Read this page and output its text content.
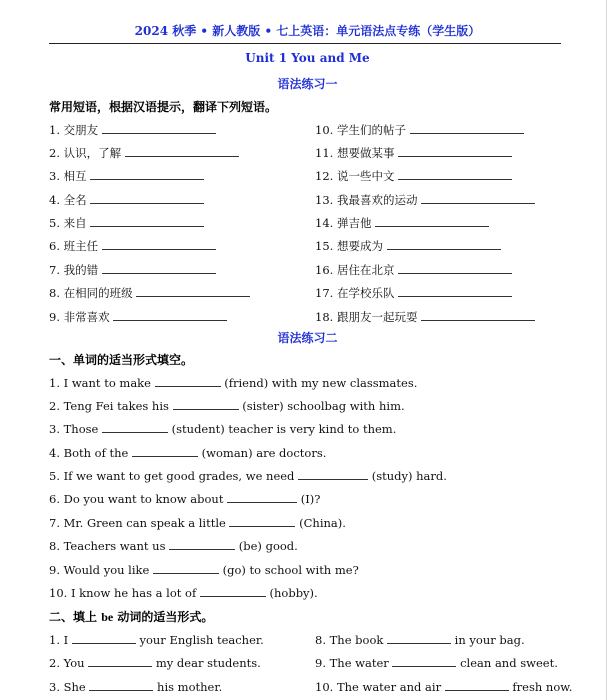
2024 秋季 • 新人教版 • 七上英语：单元语法点专练（学生版）
Unit 1 You and Me
语法练习一
常用短语，根据汉语提示，翻译下列短语。
1. 交朋友
2. 认识，了解
3. 相互
4. 全名
5. 来自
6. 班主任
7. 我的错
8. 在相同的班级
9. 非常喜欢
10. 学生们的帖子
11. 想要做某事
12. 说一些中文
13. 我最喜欢的运动
14. 弹吉他
15. 想要成为
16. 居住在北京
17. 在学校乐队
18. 跟朋友一起玩耍
语法练习二
一、单词的适当形式填空。
1. I want to make	(friend) with my new classmates.
2. Teng Fei takes his	(sister) schoolbag with him.
3. Those	(student) teacher is very kind to them.
4. Both of the	(woman) are doctors.
5. If we want to get good grades, we need	(study) hard.
6. Do you want to know about	(I)?
7. Mr. Green can speak a little	(China).
8. Teachers want us	(be) good.
9. Would you like	(go) to school with me?
10. I know he has a lot of	(hobby).
二、填上 be 动词的适当形式。
1. I	your English teacher.
2. You	my dear students.
3. She	his mother.
8. The book	in your bag.
9. The water	clean and sweet.
10. The water and air	fresh now.
